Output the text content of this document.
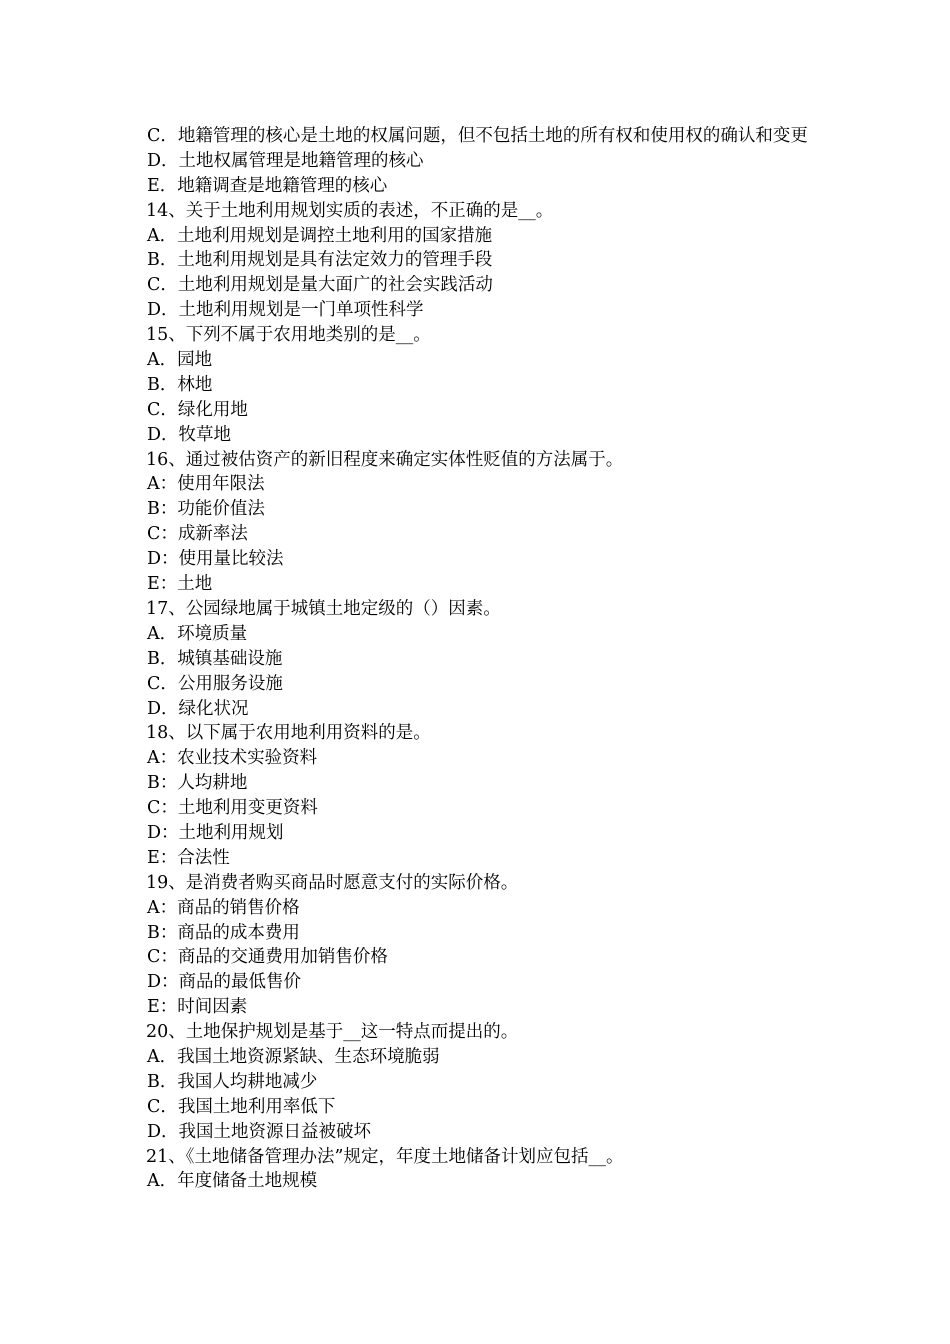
C．地籍管理的核心是土地的权属问题，但不包括土地的所有权和使用权的确认和变更
D．土地权属管理是地籍管理的核心
E．地籍调查是地籍管理的核心
14、关于土地利用规划实质的表述，不正确的是__。
A．土地利用规划是调控土地利用的国家措施
B．土地利用规划是具有法定效力的管理手段
C．土地利用规划是量大面广的社会实践活动
D．土地利用规划是一门单项性科学
15、下列不属于农用地类别的是__。
A．园地
B．林地
C．绿化用地
D．牧草地
16、通过被估资产的新旧程度来确定实体性贬值的方法属于。
A：使用年限法
B：功能价值法
C：成新率法
D：使用量比较法
E：土地
17、公园绿地属于城镇土地定级的（）因素。
A．环境质量
B．城镇基础设施
C．公用服务设施
D．绿化状况
18、以下属于农用地利用资料的是。
A：农业技术实验资料
B：人均耕地
C：土地利用变更资料
D：土地利用规划
E：合法性
19、是消费者购买商品时愿意支付的实际价格。
A：商品的销售价格
B：商品的成本费用
C：商品的交通费用加销售价格
D：商品的最低售价
E：时间因素
20、土地保护规划是基于__这一特点而提出的。
A．我国土地资源紧缺、生态环境脆弱
B．我国人均耕地减少
C．我国土地利用率低下
D．我国土地资源日益被破坏
21、《土地储备管理办法”规定，年度土地储备计划应包括__。
A．年度储备土地规模
